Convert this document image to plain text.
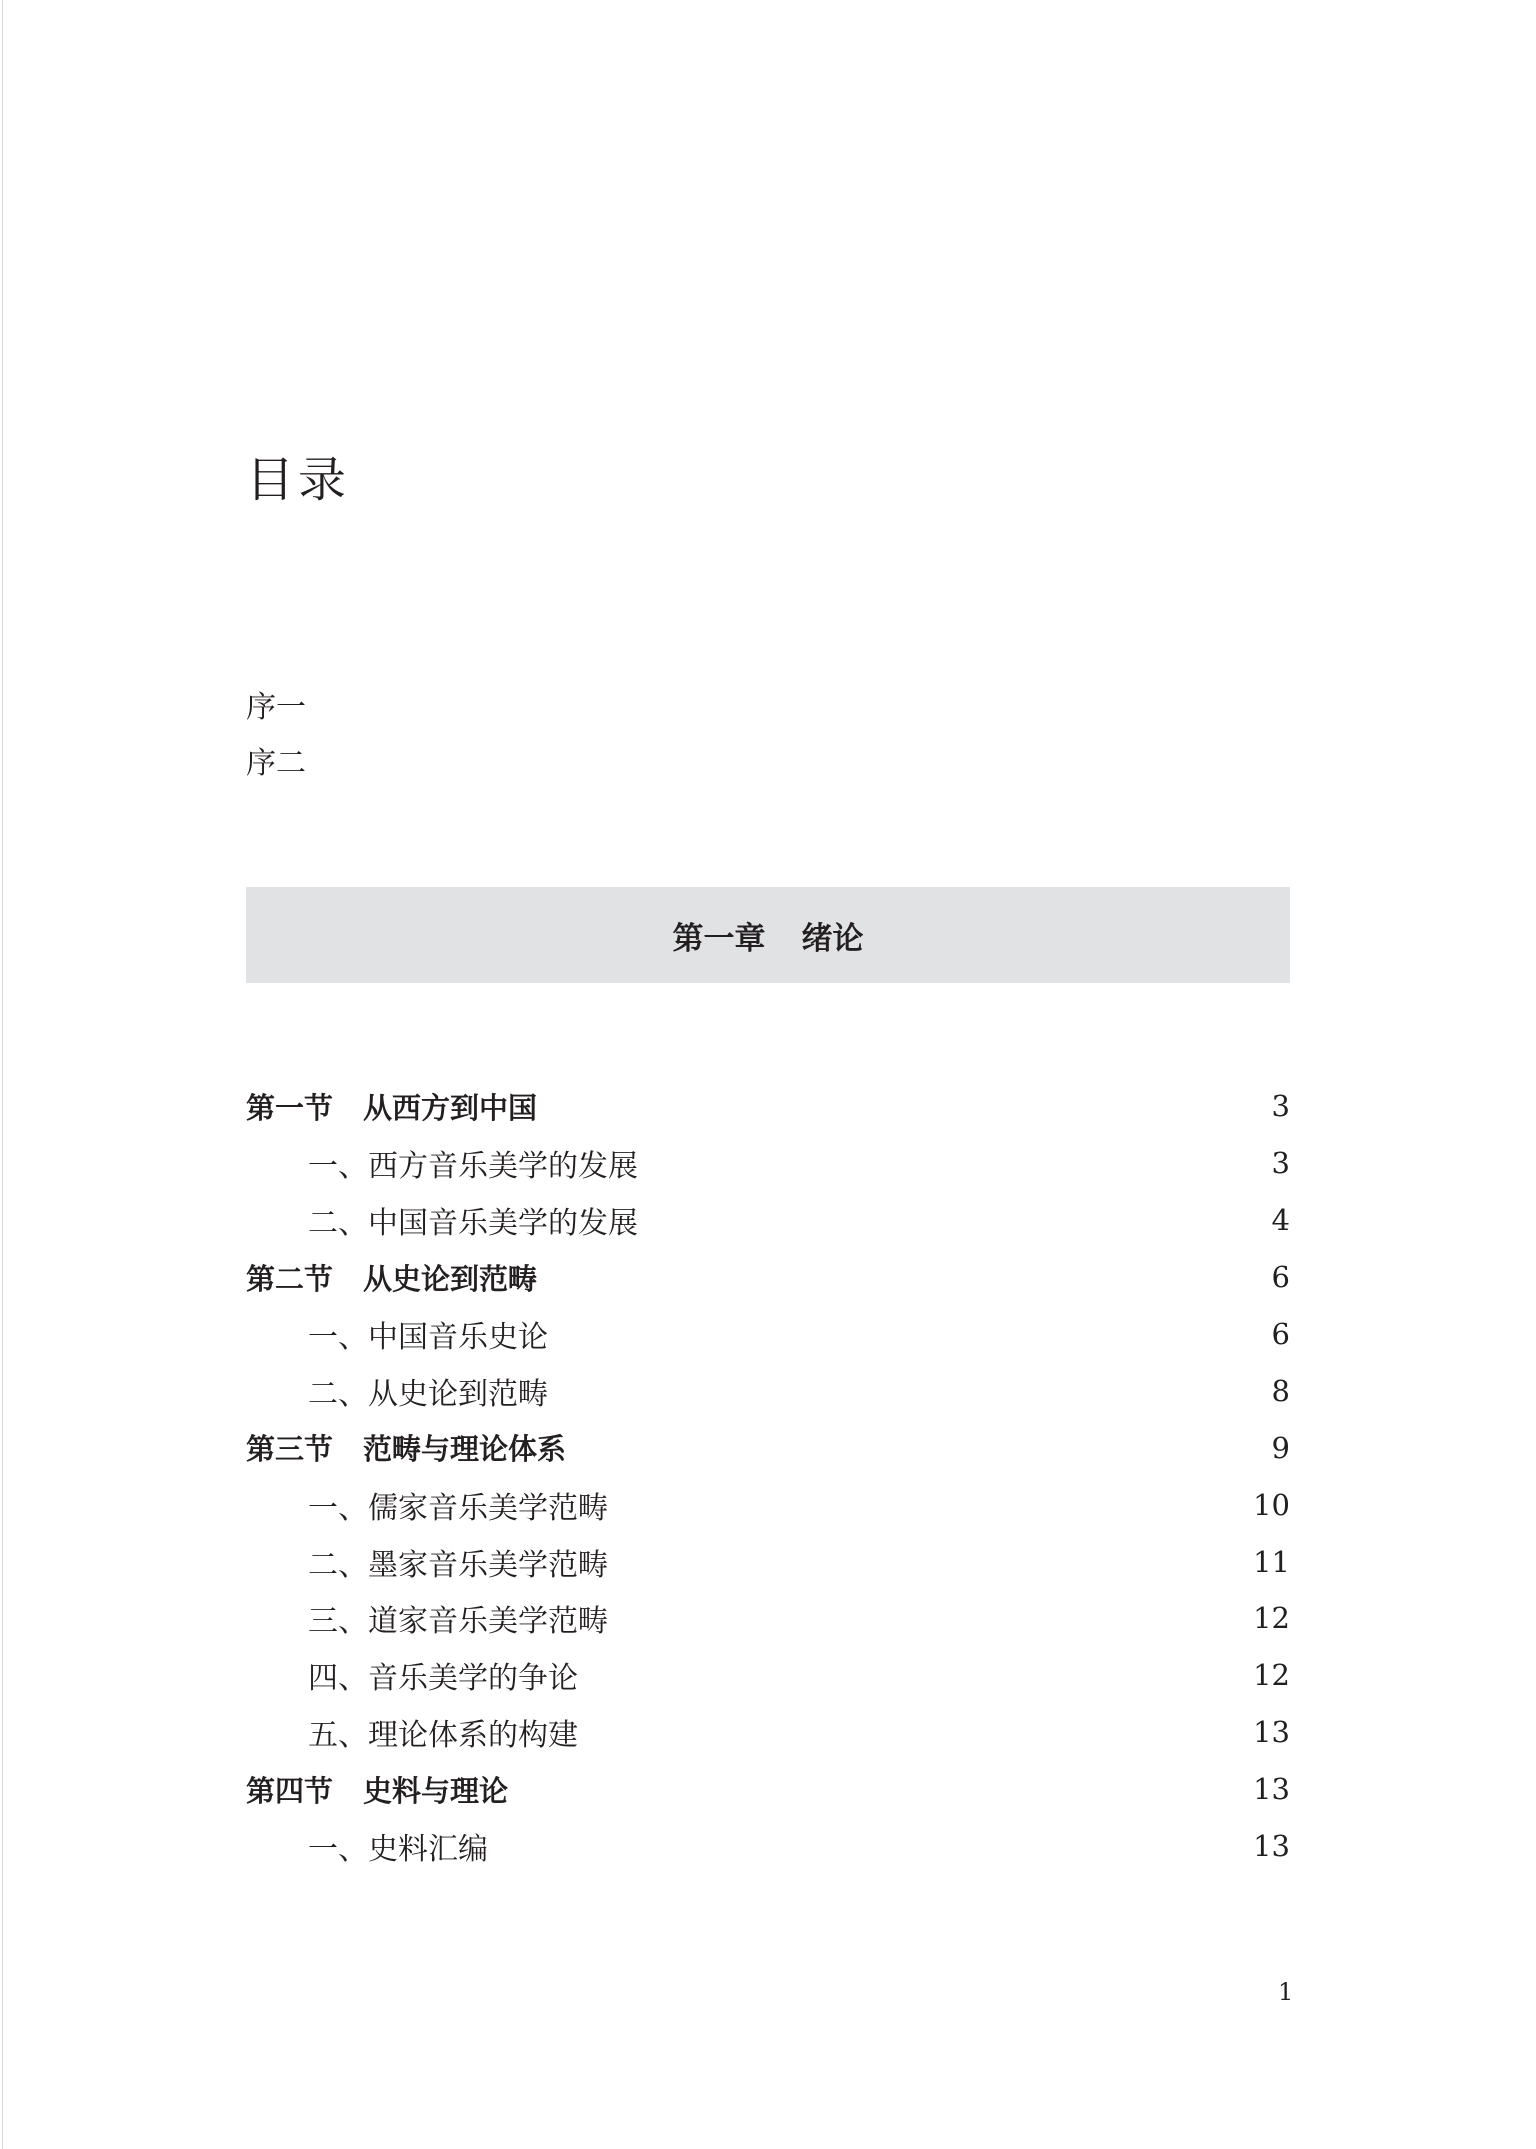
目录
序一
序二
第一章 绪论
第一节 从西方到中国	3
一、西方音乐美学的发展	3
二、中国音乐美学的发展	4
第二节 从史论到范畴	6
一、中国音乐史论	6
二、从史论到范畴	8
第三节 范畴与理论体系	9
一、儒家音乐美学范畴	10
二、墨家音乐美学范畴	11
三、道家音乐美学范畴	12
四、音乐美学的争论	12
五、理论体系的构建	13
第四节 史料与理论	13
一、史料汇编	13
1
